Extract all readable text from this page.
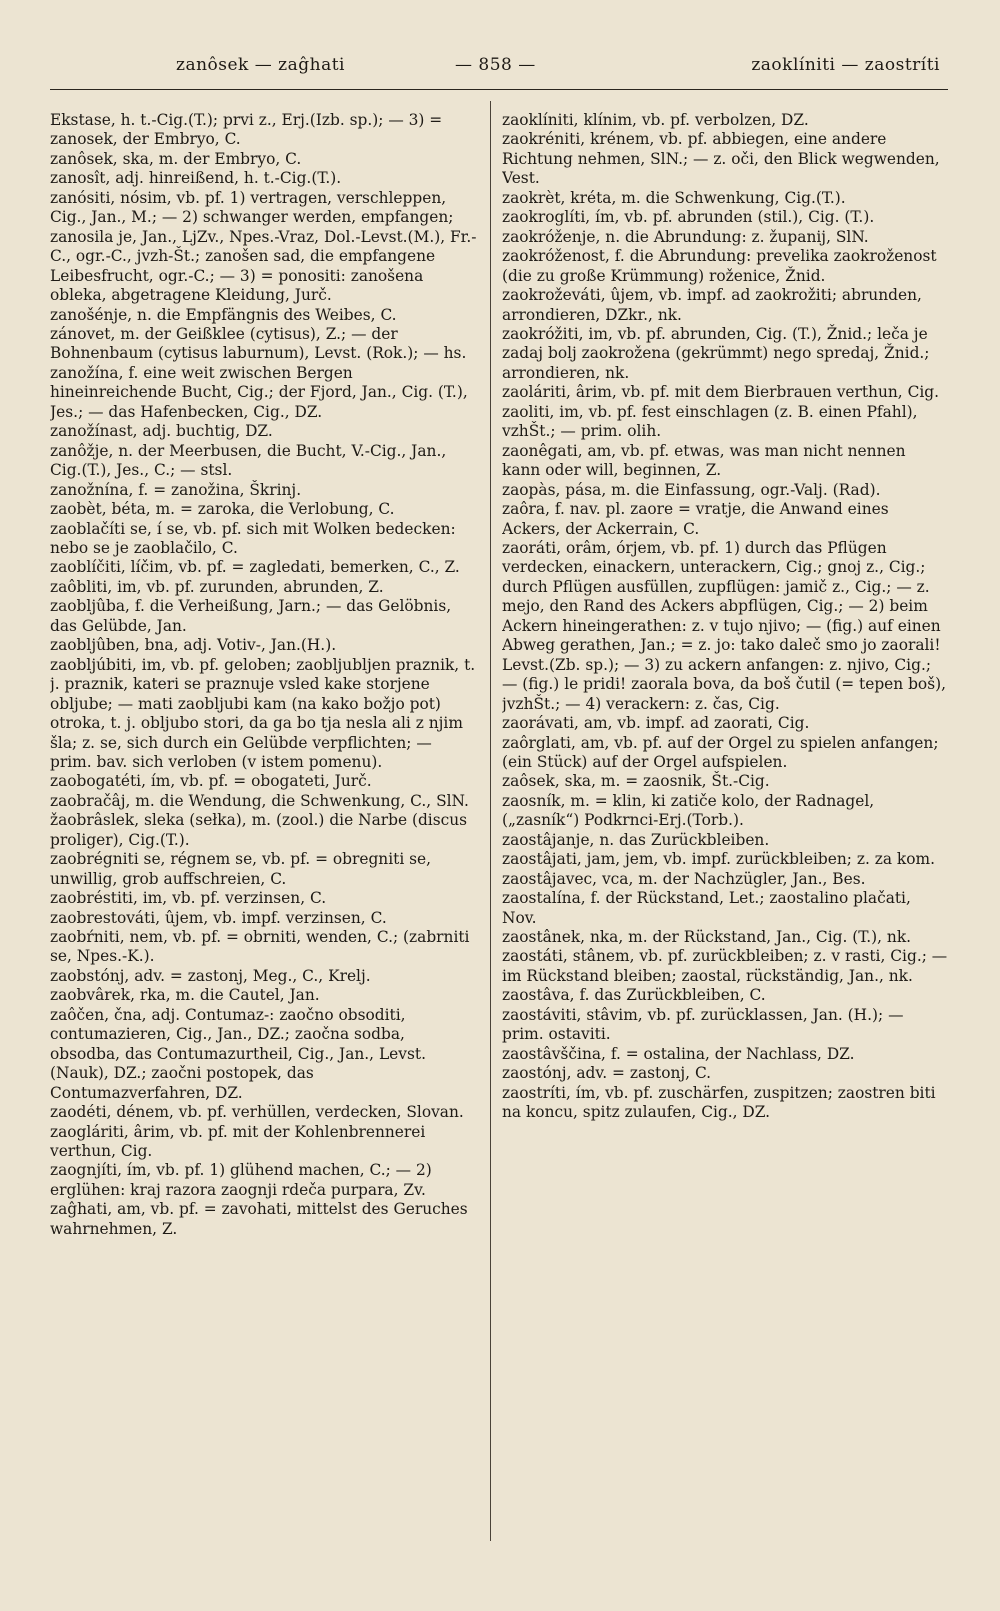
zanôsek — zaĝhati	— 858 —	zaoklíniti — zaostríti

Ekstase, h. t.-Cig.(T.); prvi z., Erj.(Izb. sp.); — 3) = zanosek, der Embryo, C.

zanôsek, ska, m. der Embryo, C.

zanosît, adj. hinreißend, h. t.-Cig.(T.).

zanósiti, nósim, vb. pf. 1) vertragen, verschleppen, Cig., Jan., M.; — 2) schwanger werden, empfangen; zanosila je, Jan., LjZv., Npes.-Vraz, Dol.-Levst.(M.), Fr.-C., ogr.-C., jvzh-Št.; zanošen sad, die empfangene Leibesfrucht, ogr.-C.; — 3) = ponositi: zanošena obleka, abgetragene Kleidung, Jurč.

zanošénje, n. die Empfängnis des Weibes, C.

zánovet, m. der Geißklee (cytisus), Z.; — der Bohnenbaum (cytisus laburnum), Levst. (Rok.); — hs.

zanožína, f. eine weit zwischen Bergen hineinreichende Bucht, Cig.; der Fjord, Jan., Cig. (T.), Jes.; — das Hafenbecken, Cig., DZ.

zanožínast, adj. buchtig, DZ.

zanôžje, n. der Meerbusen, die Bucht, V.-Cig., Jan., Cig.(T.), Jes., C.; — stsl.

zanožnína, f. = zanožina, Škrinj.

zaobèt, béta, m. = zaroka, die Verlobung, C.

zaoblačíti se, í se, vb. pf. sich mit Wolken bedecken: nebo se je zaoblačilo, C.

zaoblíčiti, líčim, vb. pf. = zagledati, bemerken, C., Z.

zaôbliti, im, vb. pf. zurunden, abrunden, Z.

zaobljûba, f. die Verheißung, Jarn.; — das Gelöbnis, das Gelübde, Jan.

zaobljûben, bna, adj. Votiv-, Jan.(H.).

zaobljúbiti, im, vb. pf. geloben; zaobljubljen praznik, t. j. praznik, kateri se praznuje vsled kake storjene obljube; — mati zaobljubi kam (na kako božjo pot) otroka, t. j. obljubo stori, da ga bo tja nesla ali z njim šla; z. se, sich durch ein Gelübde verpflichten; — prim. bav. sich verloben (v istem pomenu).

zaobogatéti, ím, vb. pf. = obogateti, Jurč.

zaobračâj, m. die Wendung, die Schwenkung, C., SlN.

žaobrâslek, sleka (sełka), m. (zool.) die Narbe (discus proliger), Cig.(T.).

zaobrégniti se, régnem se, vb. pf. = obregniti se, unwillig, grob auffschreien, C.

zaobréstiti, im, vb. pf. verzinsen, C.

zaobrestováti, ûjem, vb. impf. verzinsen, C.

zaobŕniti, nem, vb. pf. = obrniti, wenden, C.; (zabrniti se, Npes.-K.).

zaobstónj, adv. = zastonj, Meg., C., Krelj.

zaobvârek, rka, m. die Cautel, Jan.

zaôčen, čna, adj. Contumaz-: zaočno obsoditi, contumazieren, Cig., Jan., DZ.; zaočna sodba, obsodba, das Contumazurtheil, Cig., Jan., Levst.(Nauk), DZ.; zaočni postopek, das Contumazverfahren, DZ.

zaodéti, dénem, vb. pf. verhüllen, verdecken, Slovan.

zaogláriti, ârim, vb. pf. mit der Kohlenbrennerei verthun, Cig.

zaognjíti, ím, vb. pf. 1) glühend machen, C.; — 2) erglühen: kraj razora zaognji rdeča purpara, Zv.

zaĝhati, am, vb. pf. = zavohati, mittelst des Geruches wahrnehmen, Z.

zaoklíniti, klínim, vb. pf. verbolzen, DZ.

zaokréniti, krénem, vb. pf. abbiegen, eine andere Richtung nehmen, SlN.; — z. oči, den Blick wegwenden, Vest.

zaokrèt, kréta, m. die Schwenkung, Cig.(T.).

zaokroglíti, ím, vb. pf. abrunden (stil.), Cig. (T.).

zaokróženje, n. die Abrundung: z. županij, SlN.

zaokróženost, f. die Abrundung: prevelika zaokroženost (die zu große Krümmung) roženice, Žnid.

zaokroževáti, ûjem, vb. impf. ad zaokrožiti; abrunden, arrondieren, DZkr., nk.

zaokróžiti, im, vb. pf. abrunden, Cig. (T.), Žnid.; leča je zadaj bolj zaokrožena (gekrümmt) nego spredaj, Žnid.; arrondieren, nk.

zaoláriti, ârim, vb. pf. mit dem Bierbrauen verthun, Cig.

zaoliti, im, vb. pf. fest einschlagen (z. B. einen Pfahl), vzhŠt.; — prim. olih.

zaonêgati, am, vb. pf. etwas, was man nicht nennen kann oder will, beginnen, Z.

zaopàs, pása, m. die Einfassung, ogr.-Valj. (Rad).

zaôra, f. nav. pl. zaore = vratje, die Anwand eines Ackers, der Ackerrain, C.

zaoráti, orâm, órjem, vb. pf. 1) durch das Pflügen verdecken, einackern, unterackern, Cig.; gnoj z., Cig.; durch Pflügen ausfüllen, zupflügen: jamič z., Cig.; — z. mejo, den Rand des Ackers abpflügen, Cig.; — 2) beim Ackern hineingerathen: z. v tujo njivo; — (fig.) auf einen Abweg gerathen, Jan.; = z. jo: tako daleč smo jo zaorali! Levst.(Zb. sp.); — 3) zu ackern anfangen: z. njivo, Cig.; — (fig.) le pridi! zaorala bova, da boš čutil (= tepen boš), jvzhŠt.; — 4) verackern: z. čas, Cig.

zaorávati, am, vb. impf. ad zaorati, Cig.

zaôrglati, am, vb. pf. auf der Orgel zu spielen anfangen; (ein Stück) auf der Orgel aufspielen.

zaôsek, ska, m. = zaosnik, Št.-Cig.

zaosník, m. = klin, ki zatiče kolo, der Radnagel, („zasník“) Podkrnci-Erj.(Torb.).

zaostâjanje, n. das Zurückbleiben.

zaostâjati, jam, jem, vb. impf. zurückbleiben; z. za kom.

zaostâjavec, vca, m. der Nachzügler, Jan., Bes.

zaostalína, f. der Rückstand, Let.; zaostalino plačati, Nov.

zaostânek, nka, m. der Rückstand, Jan., Cig. (T.), nk.

zaostáti, stânem, vb. pf. zurückbleiben; z. v rasti, Cig.; — im Rückstand bleiben; zaostal, rückständig, Jan., nk.

zaostâva, f. das Zurückbleiben, C.

zaostáviti, stâvim, vb. pf. zurücklassen, Jan. (H.); — prim. ostaviti.

zaostâvščina, f. = ostalina, der Nachlass, DZ.

zaostónj, adv. = zastonj, C.

zaostríti, ím, vb. pf. zuschärfen, zuspitzen; zaostren biti na koncu, spitz zulaufen, Cig., DZ.
